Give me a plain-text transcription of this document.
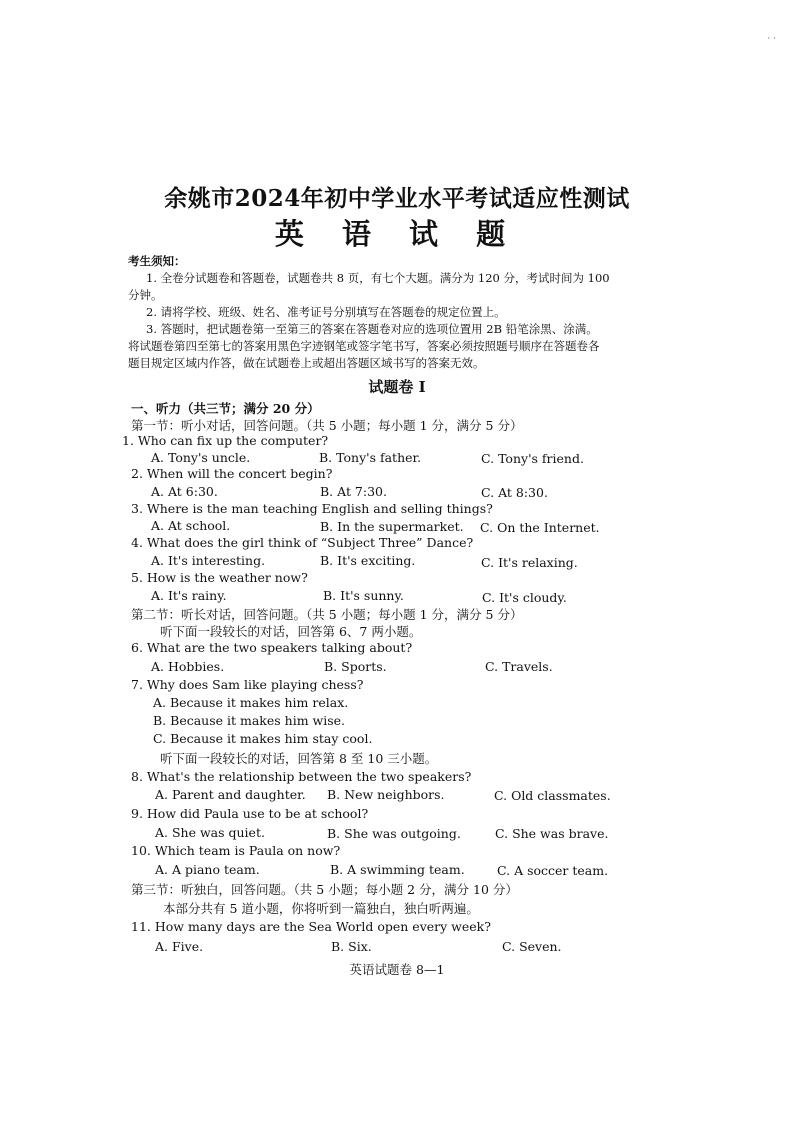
· ·
余姚市2024年初中学业水平考试适应性测试
英 语 试 题
考生须知：
1. 全卷分试题卷和答题卷，试题卷共 8 页，有七个大题。满分为 120 分，考试时间为 100
分钟。
2. 请将学校、班级、姓名、准考证号分别填写在答题卷的规定位置上。
3. 答题时，把试题卷第一至第三的答案在答题卷对应的选项位置用 2B 铅笔涂黑、涂满。
将试题卷第四至第七的答案用黑色字迹钢笔或签字笔书写，答案必须按照题号顺序在答题卷各
题目规定区域内作答，做在试题卷上或超出答题区域书写的答案无效。
试题卷 Ⅰ
一、听力（共三节；满分 20 分）
第一节：听小对话，回答问题。（共 5 小题；每小题 1 分，满分 5 分）
1. Who can fix up the computer?
A. Tony's uncle.	B. Tony's father.	C. Tony's friend.
2. When will the concert begin?
A. At 6:30.	B. At 7:30.	C. At 8:30.
3. Where is the man teaching English and selling things?
A. At school.	B. In the supermarket. C. On the Internet.
4. What does the girl think of “Subject Three” Dance?
A. It's interesting.	B. It's exciting.	C. It's relaxing.
5. How is the weather now?
A. It's rainy.	B. It's sunny.	C. It's cloudy.
第二节：听长对话，回答问题。（共 5 小题；每小题 1 分，满分 5 分）
听下面一段较长的对话，回答第 6、7 两小题。
6. What are the two speakers talking about?
A. Hobbies.	B. Sports.	C. Travels.
7. Why does Sam like playing chess?
A. Because it makes him relax.
B. Because it makes him wise.
C. Because it makes him stay cool.
听下面一段较长的对话，回答第 8 至 10 三小题。
8. What's the relationship between the two speakers?
A. Parent and daughter. B. New neighbors.	C. Old classmates.
9. How did Paula use to be at school?
A. She was quiet.	B. She was outgoing.	C. She was brave.
10. Which team is Paula on now?
A. A piano team.	B. A swimming team.	C. A soccer team.
第三节：听独白，回答问题。（共 5 小题；每小题 2 分，满分 10 分）
本部分共有 5 道小题，你将听到一篇独白，独白听两遍。
11. How many days are the Sea World open every week?
A. Five.	B. Six.	C. Seven.
英语试题卷 8—1
